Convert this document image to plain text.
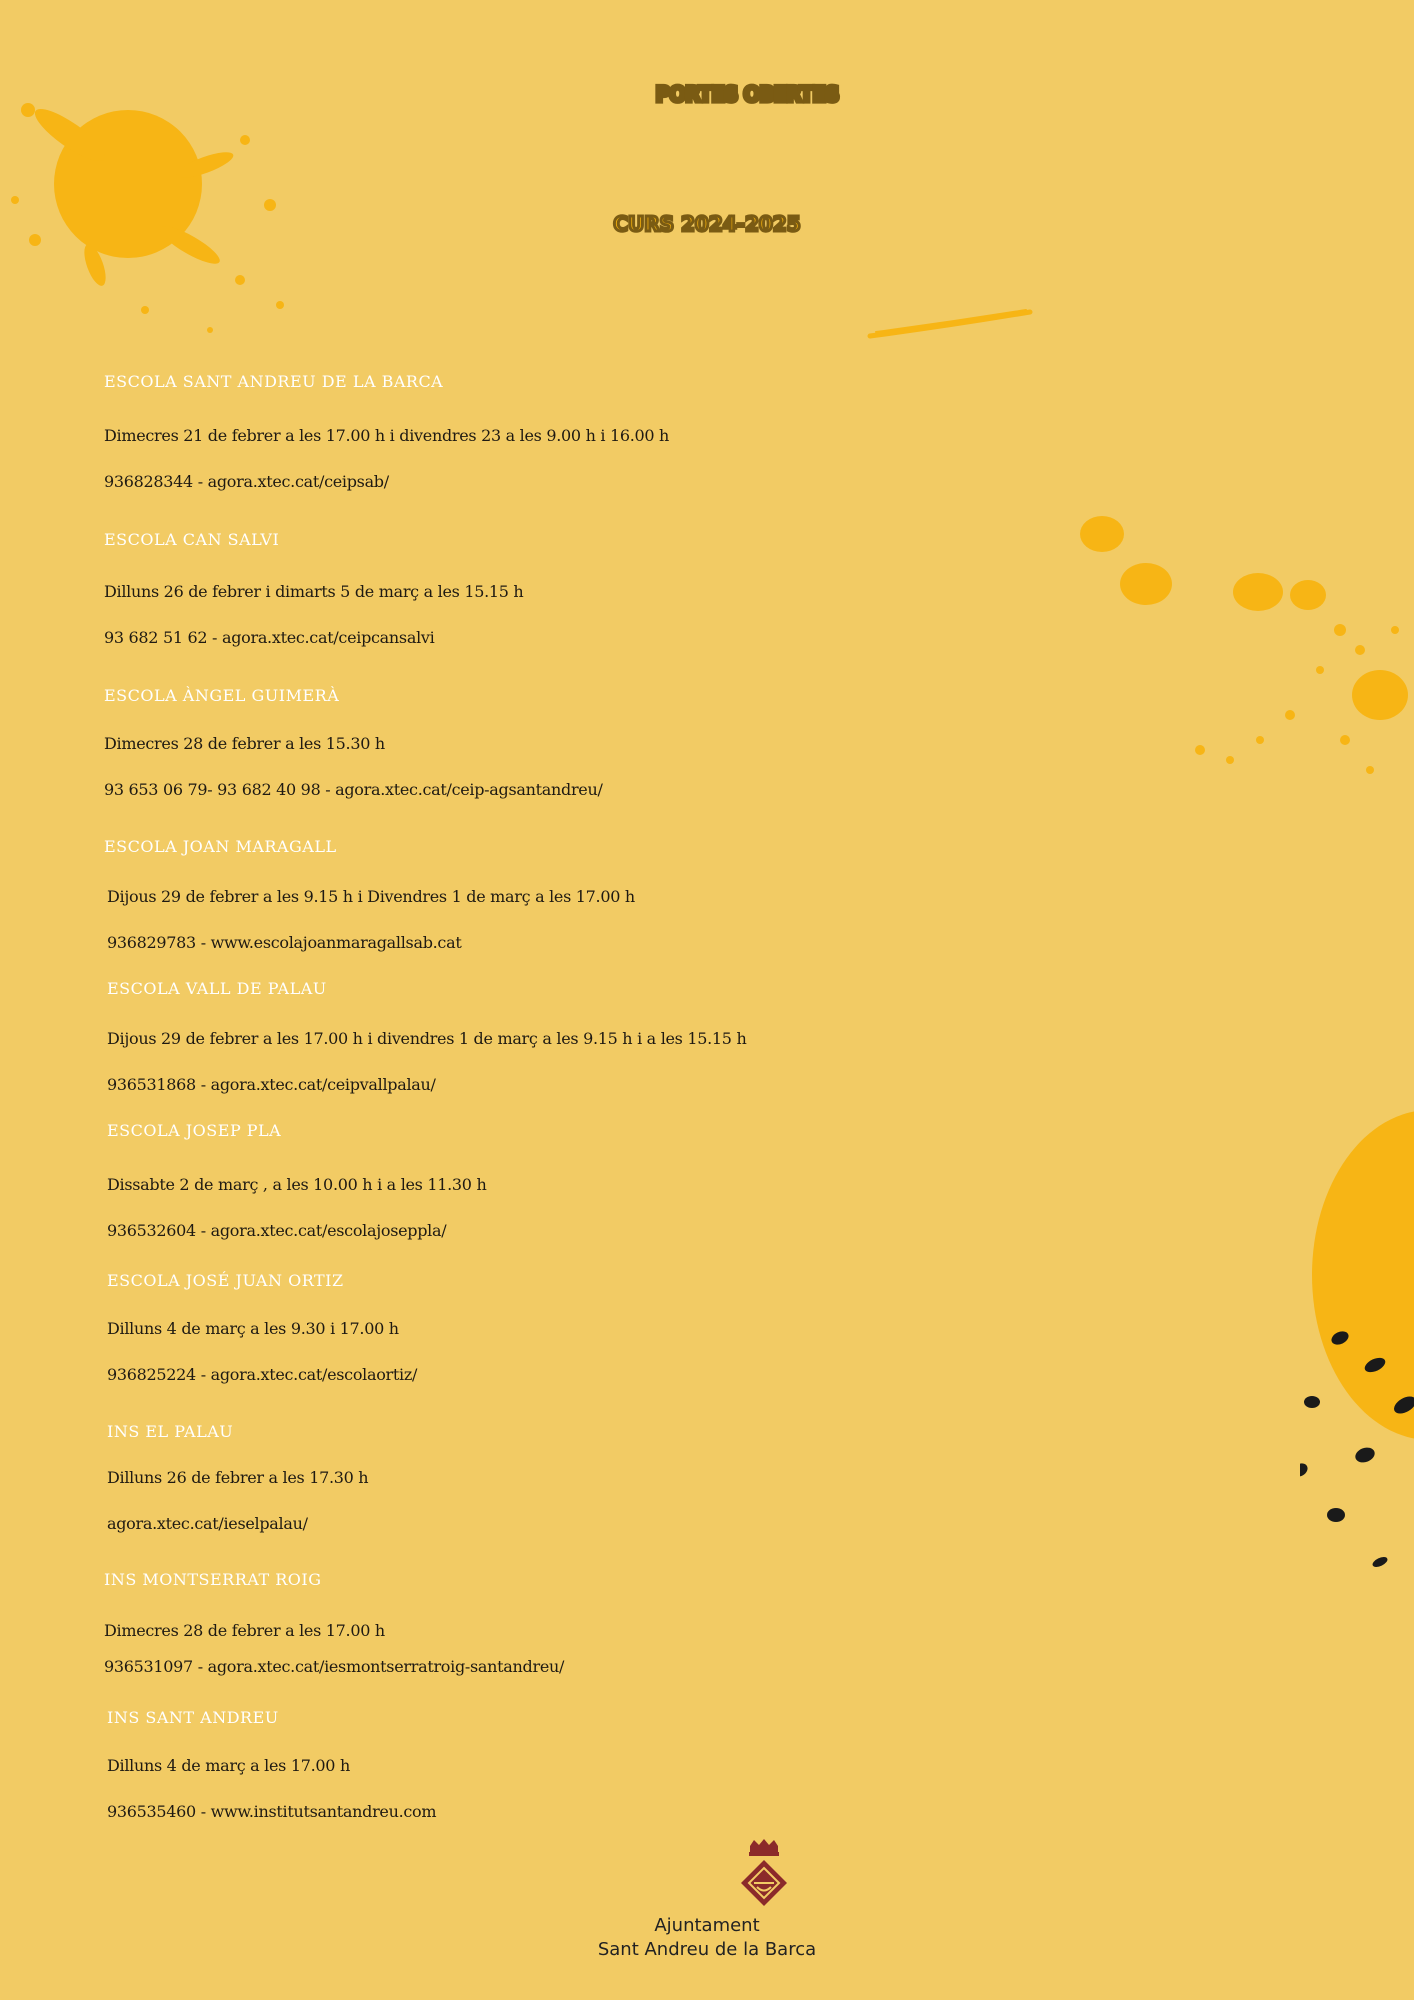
PORTES OBERTES
CURS 2024-2025
ESCOLA SANT ANDREU DE LA BARCA
Dimecres 21 de febrer a les 17.00 h i divendres 23 a les 9.00 h i 16.00 h
936828344 - agora.xtec.cat/ceipsab/
ESCOLA CAN SALVI
Dilluns 26 de febrer i dimarts 5 de març a les 15.15 h
93 682 51 62 - agora.xtec.cat/ceipcansalvi
ESCOLA ÀNGEL GUIMERÀ
Dimecres 28 de febrer a les 15.30 h
93 653 06 79- 93 682 40 98 - agora.xtec.cat/ceip-agsantandreu/
ESCOLA JOAN MARAGALL
Dijous 29 de febrer a les 9.15 h i Divendres 1 de març a les 17.00 h
936829783 - www.escolajoanmaragallsab.cat
ESCOLA VALL DE PALAU
Dijous 29 de febrer a les 17.00 h i divendres 1 de març a les 9.15 h i a les 15.15 h
936531868 - agora.xtec.cat/ceipvallpalau/
ESCOLA JOSEP PLA
Dissabte 2 de març , a les 10.00 h i a les 11.30 h
936532604 - agora.xtec.cat/escolajoseppla/
ESCOLA JOSÉ JUAN ORTIZ
Dilluns 4 de març a les 9.30 i 17.00 h
936825224 - agora.xtec.cat/escolaortiz/
INS EL PALAU
Dilluns 26 de febrer a les 17.30 h
agora.xtec.cat/ieselpalau/
INS MONTSERRAT ROIG
Dimecres 28 de febrer a les 17.00 h
936531097 - agora.xtec.cat/iesmontserratroig-santandreu/
INS SANT ANDREU
Dilluns 4 de març a les 17.00 h
936535460 - www.institutsantandreu.com
Ajuntament
Sant Andreu de la Barca
